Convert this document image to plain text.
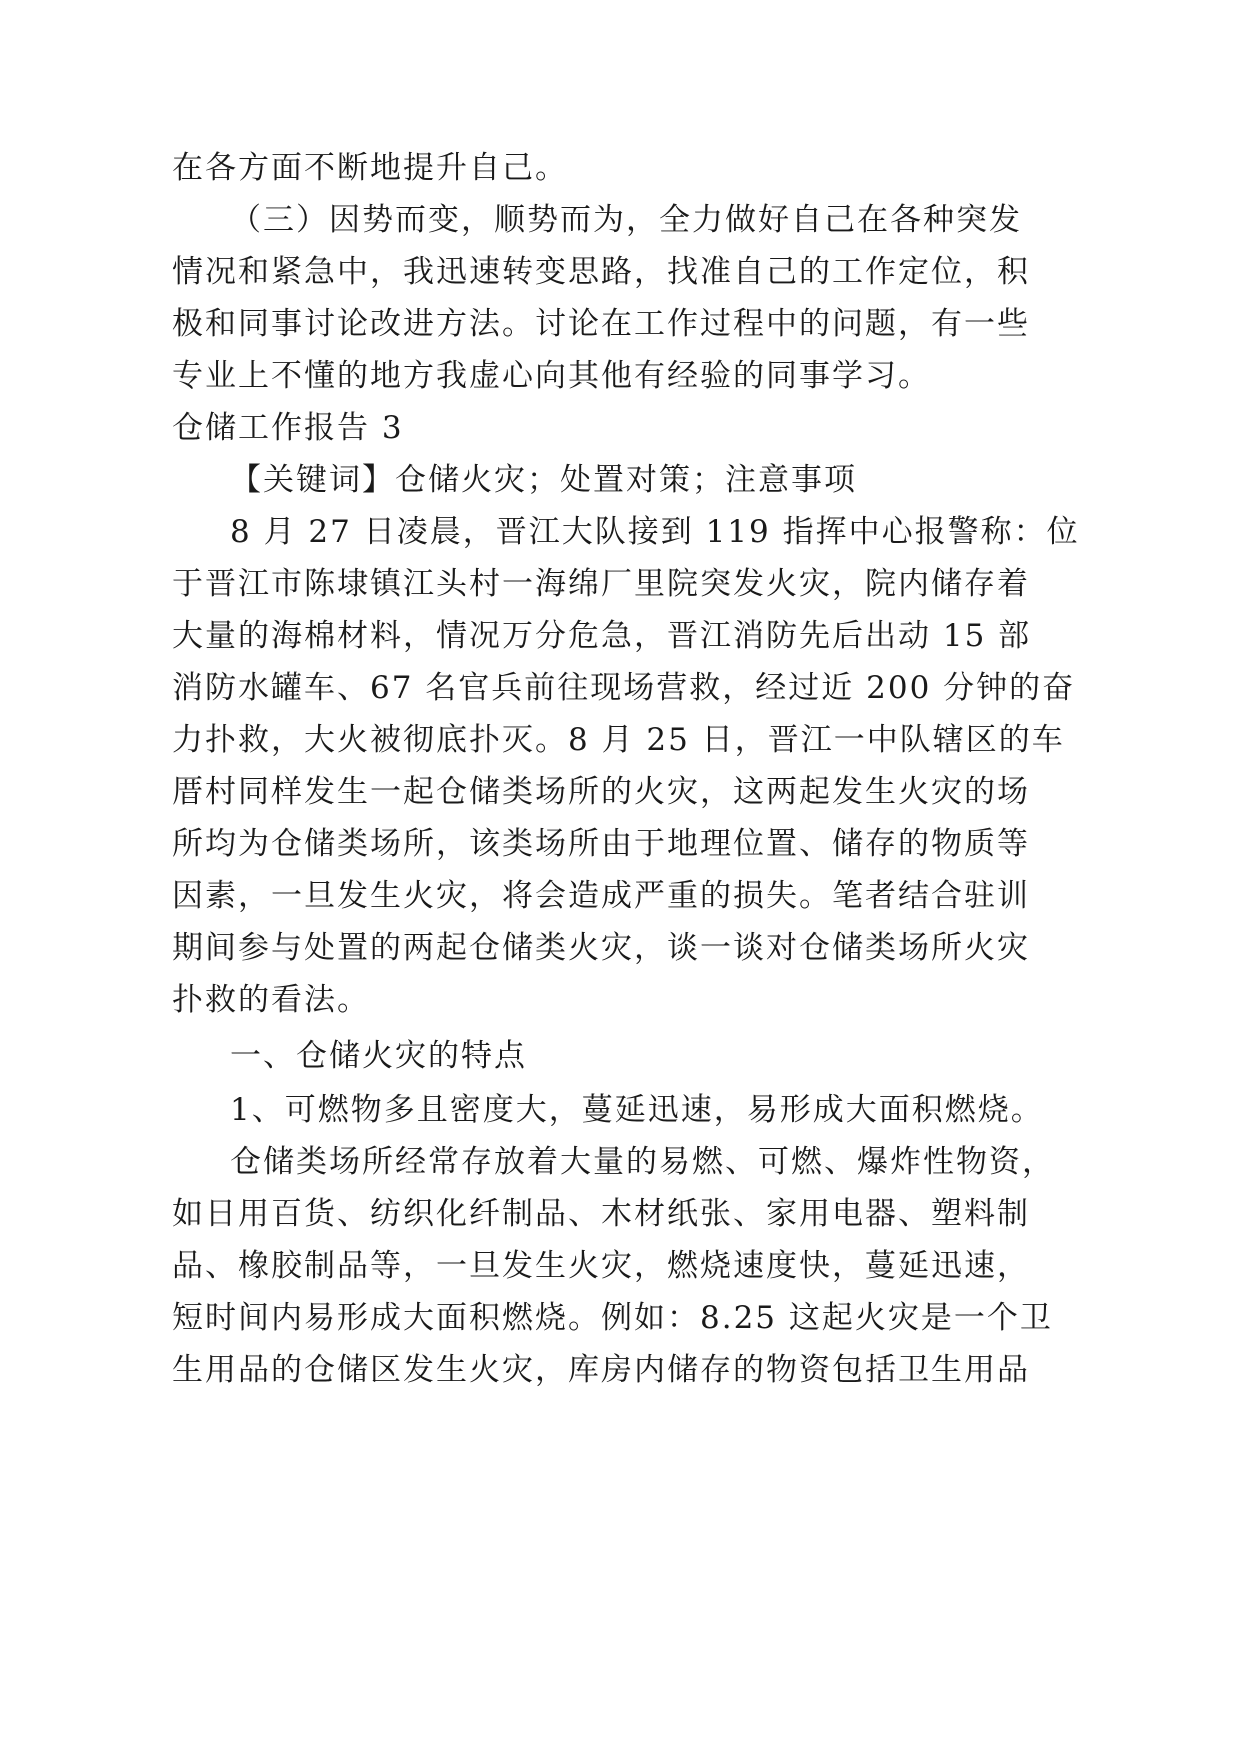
在各方面不断地提升自己。
（三）因势而变，顺势而为，全力做好自己在各种突发
情况和紧急中，我迅速转变思路，找准自己的工作定位，积
极和同事讨论改进方法。讨论在工作过程中的问题，有一些
专业上不懂的地方我虚心向其他有经验的同事学习。
仓储工作报告 3
【关键词】仓储火灾；处置对策；注意事项
8 月 27 日凌晨，晋江大队接到 119 指挥中心报警称：位
于晋江市陈埭镇江头村一海绵厂里院突发火灾，院内储存着
大量的海棉材料，情况万分危急，晋江消防先后出动 15 部
消防水罐车、67 名官兵前往现场营救，经过近 200 分钟的奋
力扑救，大火被彻底扑灭。8 月 25 日，晋江一中队辖区的车
厝村同样发生一起仓储类场所的火灾，这两起发生火灾的场
所均为仓储类场所，该类场所由于地理位置、储存的物质等
因素，一旦发生火灾，将会造成严重的损失。笔者结合驻训
期间参与处置的两起仓储类火灾，谈一谈对仓储类场所火灾
扑救的看法。
一、仓储火灾的特点
1、可燃物多且密度大，蔓延迅速，易形成大面积燃烧。
仓储类场所经常存放着大量的易燃、可燃、爆炸性物资，
如日用百货、纺织化纤制品、木材纸张、家用电器、塑料制
品、橡胶制品等，一旦发生火灾，燃烧速度快，蔓延迅速，
短时间内易形成大面积燃烧。例如：8.25 这起火灾是一个卫
生用品的仓储区发生火灾，库房内储存的物资包括卫生用品
